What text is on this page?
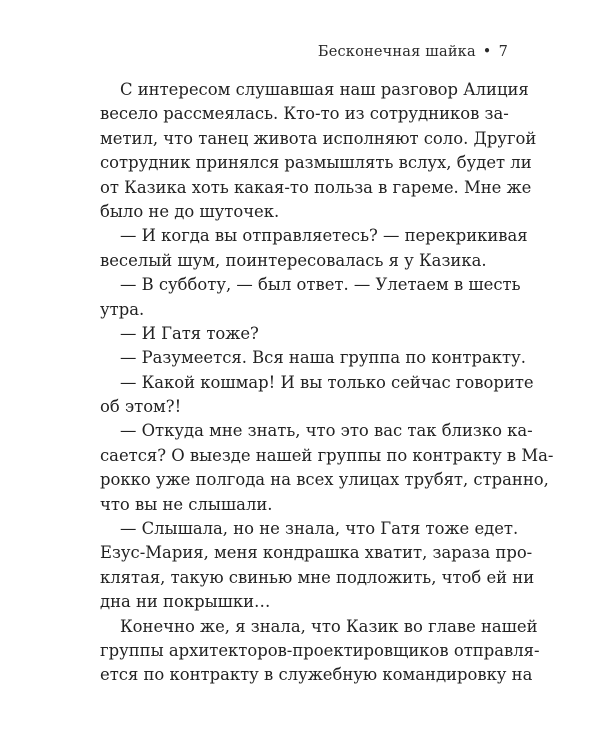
Бесконечная шайка • 7
С интересом слушавшая наш разговор Алиция
весело рассмеялась. Кто-то из сотрудников за-
метил, что танец живота исполняют соло. Другой
сотрудник принялся размышлять вслух, будет ли
от Казика хоть какая-то польза в гареме. Мне же
было не до шуточек.
— И когда вы отправляетесь? — перекрикивая
веселый шум, поинтересовалась я у Казика.
— В субботу, — был ответ. — Улетаем в шесть
утра.
— И Гатя тоже?
— Разумеется. Вся наша группа по контракту.
— Какой кошмар! И вы только сейчас говорите
об этом?!
— Откуда мне знать, что это вас так близко ка-
сается? О выезде нашей группы по контракту в Ма-
рокко уже полгода на всех улицах трубят, странно,
что вы не слышали.
— Слышала, но не знала, что Гатя тоже едет.
Езус-Мария, меня кондрашка хватит, зараза про-
клятая, такую свинью мне подложить, чтоб ей ни
дна ни покрышки…
Конечно же, я знала, что Казик во главе нашей
группы архитекторов-проектировщиков отправля-
ется по контракту в служебную командировку на
